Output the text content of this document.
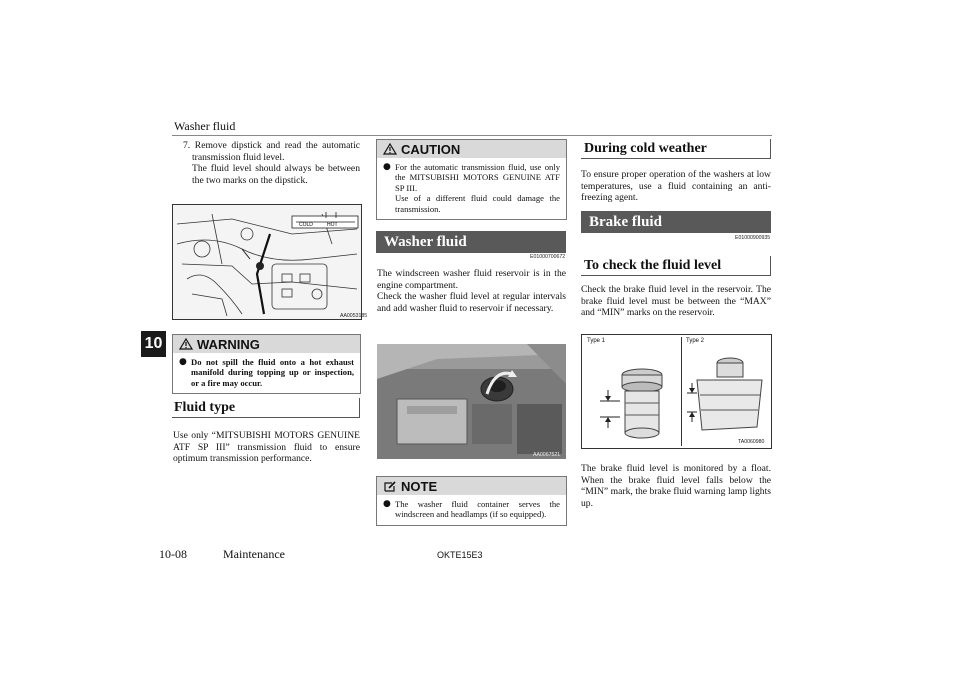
Washer fluid
10

7. Remove dipstick and read the automatic transmission fluid level.

The fluid level should always be between the two marks on the dipstick.

COLD	HOT
AA0053185
WARNING
● Do not spill the fluid onto a hot exhaust manifold during topping up or inspection, or a fire may occur.
Fluid type
Use only “MITSUBISHI MOTORS GENUINE ATF SP III” transmission fluid to ensure optimum transmission performance.
CAUTION
● For the automatic transmission fluid, use only the MITSUBISHI MOTORS GENUINE ATF SP III.
Use of a different fluid could damage the transmission.
Washer fluid
E01000700672
The windscreen washer fluid reservoir is in the engine compartment.
Check the washer fluid level at regular intervals and add washer fluid to reservoir if necessary.
AA0067521
NOTE
● The washer fluid container serves the windscreen and headlamps (if so equipped).
During cold weather
To ensure proper operation of the washers at low temperatures, use a fluid containing an anti-freezing agent.
Brake fluid
E01000900935
To check the fluid level
Check the brake fluid level in the reservoir. The brake fluid level must be between the “MAX” and “MIN” marks on the reservoir.
Type 1	Type 2
TA0060980
The brake fluid level is monitored by a float. When the brake fluid level falls below the “MIN” mark, the brake fluid warning lamp lights up.
10-08	Maintenance	OKTE15E3
